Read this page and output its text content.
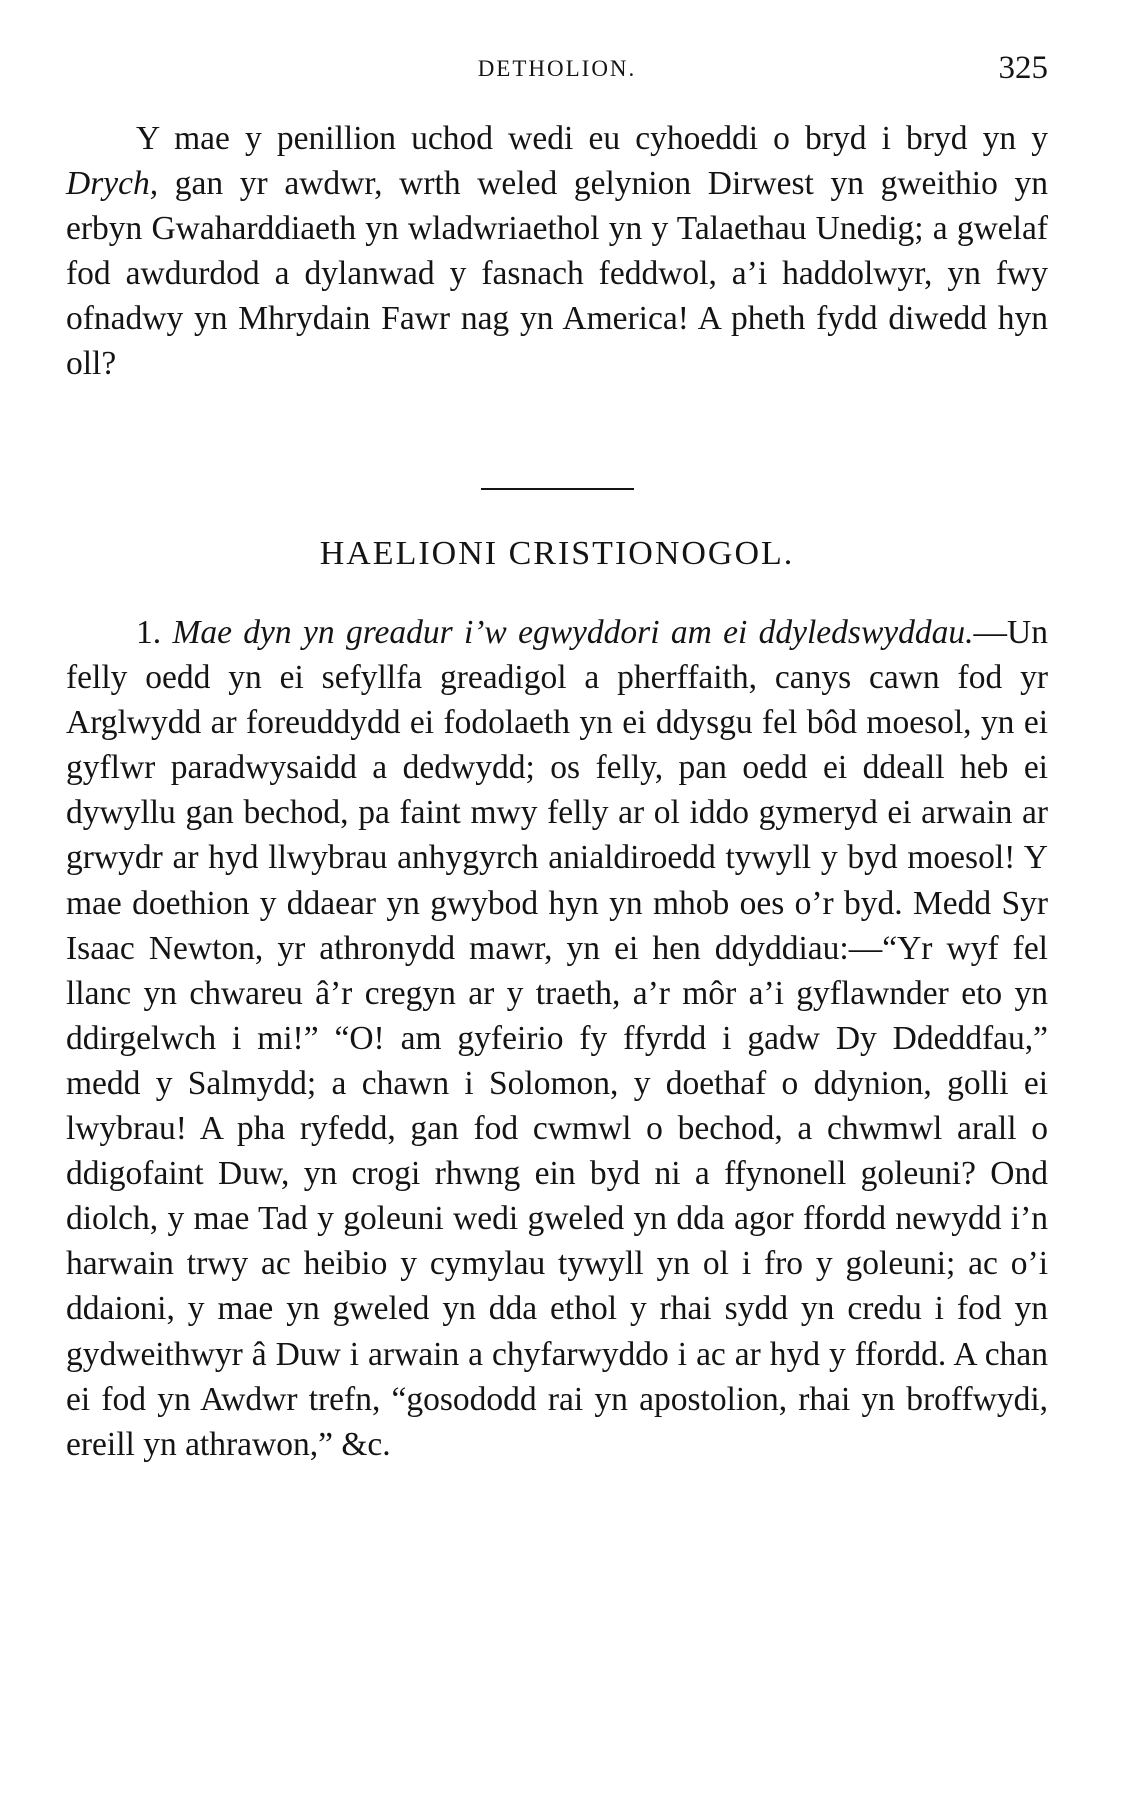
DETHOLION.	325

Y mae y penillion uchod wedi eu cyhoeddi o bryd i bryd yn y Drych, gan yr awdwr, wrth weled gelynion Dirwest yn gweithio yn erbyn Gwaharddiaeth yn wladwriaethol yn y Talaethau Unedig; a gwelaf fod awdurdod a dylanwad y fasnach feddwol, a’i haddolwyr, yn fwy ofnadwy yn Mhrydain Fawr nag yn America! A pheth fydd diwedd hyn oll?

HAELIONI CRISTIONOGOL.

1. Mae dyn yn greadur i’w egwyddori am ei ddyledswyddau.—Un felly oedd yn ei sefyllfa greadigol a pherffaith, canys cawn fod yr Arglwydd ar foreuddydd ei fodolaeth yn ei ddysgu fel bôd moesol, yn ei gyflwr paradwysaidd a dedwydd; os felly, pan oedd ei ddeall heb ei dywyllu gan bechod, pa faint mwy felly ar ol iddo gymeryd ei arwain ar grwydr ar hyd llwybrau anhygyrch anialdiroedd tywyll y byd moesol! Y mae doethion y ddaear yn gwybod hyn yn mhob oes o’r byd. Medd Syr Isaac Newton, yr athronydd mawr, yn ei hen ddyddiau:—“Yr wyf fel llanc yn chwareu â’r cregyn ar y traeth, a’r môr a’i gyflawnder eto yn ddirgelwch i mi!” “O! am gyfeirio fy ffyrdd i gadw Dy Ddeddfau,” medd y Salmydd; a chawn i Solomon, y doethaf o ddynion, golli ei lwybrau! A pha ryfedd, gan fod cwmwl o bechod, a chwmwl arall o ddigofaint Duw, yn crogi rhwng ein byd ni a ffynonell goleuni? Ond diolch, y mae Tad y goleuni wedi gweled yn dda agor ffordd newydd i’n harwain trwy ac heibio y cymylau tywyll yn ol i fro y goleuni; ac o’i ddaioni, y mae yn gweled yn dda ethol y rhai sydd yn credu i fod yn gydweithwyr â Duw i arwain a chyfarwyddo i ac ar hyd y ffordd. A chan ei fod yn Awdwr trefn, “gosododd rai yn apostolion, rhai yn broffwydi, ereill yn athrawon,” &c.
